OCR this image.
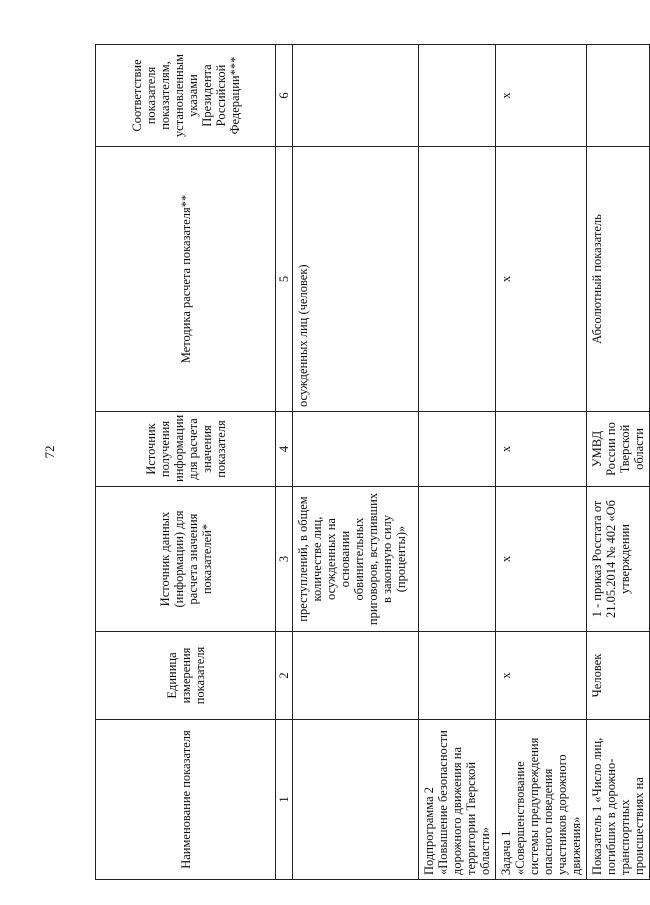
72
Наименование показателя	Единица измерения показателя	Источник данных (информации) для расчета значения показателей*	Источник получения информации для расчета значения показателя	Методика расчета показателя**	Соответствие показателя показателям, установленным указами Президента Российской Федерации***
1	2	3	4	5	6
		преступлений, в общем количестве лиц, осужденных на основании обвинительных приговоров, вступивших в законную силу (проценты)»		осужденных лиц (человек)	
Подпрограмма 2 «Повышение безопасности дорожного движения на территории Тверской области»					
Задача 1 «Совершенствование системы предупреждения опасного поведения участников дорожного движения»	x	x	x	x	x
Показатель 1 «Число лиц, погибших в дорожно-транспортных происшествиях на	Человек	1 - приказ Росстата от 21.05.2014 № 402 «Об утверждении	УМВД России по Тверской области	Абсолютный показатель	
